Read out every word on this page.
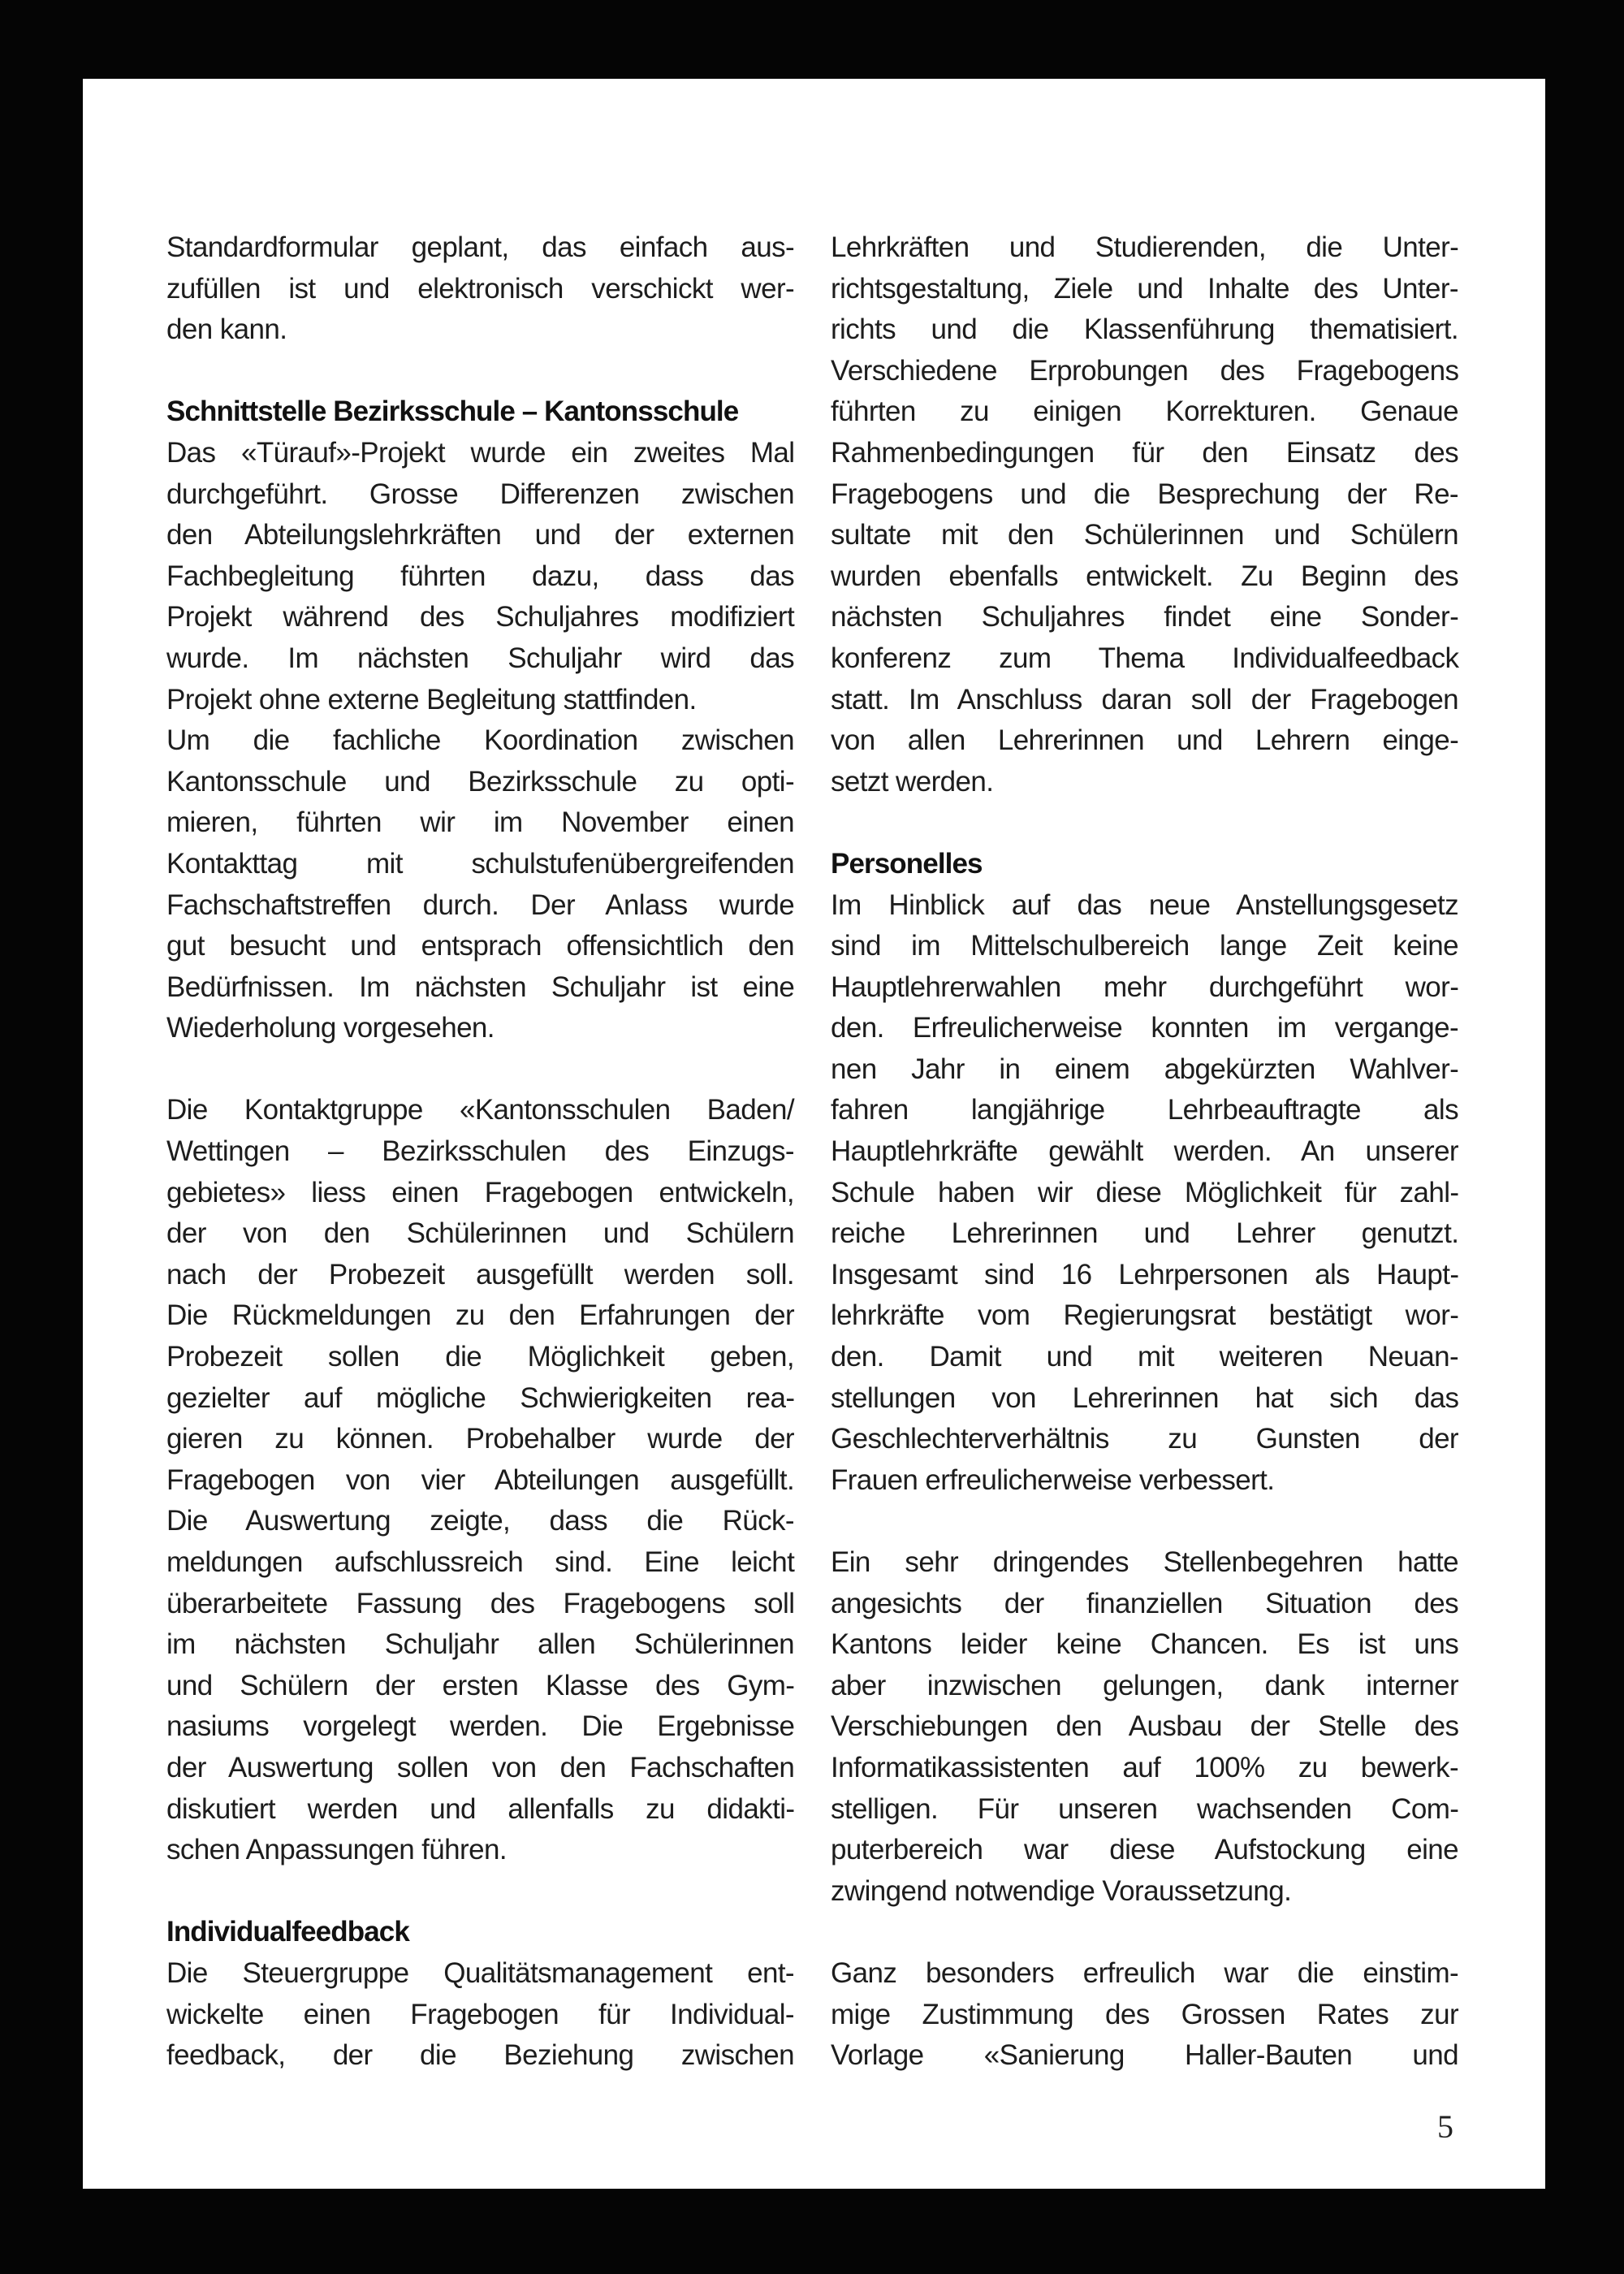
Standardformular geplant, das einfach aus-
zufüllen ist und elektronisch verschickt wer-
den kann.
Schnittstelle Bezirksschule – Kantonsschule
Das «Türauf»-Projekt wurde ein zweites Mal
durchgeführt. Grosse Differenzen zwischen
den Abteilungslehrkräften und der externen
Fachbegleitung führten dazu, dass das
Projekt während des Schuljahres modifiziert
wurde. Im nächsten Schuljahr wird das
Projekt ohne externe Begleitung stattfinden.
Um die fachliche Koordination zwischen
Kantonsschule und Bezirksschule zu opti-
mieren, führten wir im November einen
Kontakttag mit schulstufenübergreifenden
Fachschaftstreffen durch. Der Anlass wurde
gut besucht und entsprach offensichtlich den
Bedürfnissen. Im nächsten Schuljahr ist eine
Wiederholung vorgesehen.
Die Kontaktgruppe «Kantonsschulen Baden/
Wettingen – Bezirksschulen des Einzugs-
gebietes» liess einen Fragebogen entwickeln,
der von den Schülerinnen und Schülern
nach der Probezeit ausgefüllt werden soll.
Die Rückmeldungen zu den Erfahrungen der
Probezeit sollen die Möglichkeit geben,
gezielter auf mögliche Schwierigkeiten rea-
gieren zu können. Probehalber wurde der
Fragebogen von vier Abteilungen ausgefüllt.
Die Auswertung zeigte, dass die Rück-
meldungen aufschlussreich sind. Eine leicht
überarbeitete Fassung des Fragebogens soll
im nächsten Schuljahr allen Schülerinnen
und Schülern der ersten Klasse des Gym-
nasiums vorgelegt werden. Die Ergebnisse
der Auswertung sollen von den Fachschaften
diskutiert werden und allenfalls zu didakti-
schen Anpassungen führen.
Individualfeedback
Die Steuergruppe Qualitätsmanagement ent-
wickelte einen Fragebogen für Individual-
feedback, der die Beziehung zwischen
Lehrkräften und Studierenden, die Unter-
richtsgestaltung, Ziele und Inhalte des Unter-
richts und die Klassenführung thematisiert.
Verschiedene Erprobungen des Fragebogens
führten zu einigen Korrekturen. Genaue
Rahmenbedingungen für den Einsatz des
Fragebogens und die Besprechung der Re-
sultate mit den Schülerinnen und Schülern
wurden ebenfalls entwickelt. Zu Beginn des
nächsten Schuljahres findet eine Sonder-
konferenz zum Thema Individualfeedback
statt. Im Anschluss daran soll der Fragebogen
von allen Lehrerinnen und Lehrern einge-
setzt werden.
Personelles
Im Hinblick auf das neue Anstellungsgesetz
sind im Mittelschulbereich lange Zeit keine
Hauptlehrerwahlen mehr durchgeführt wor-
den. Erfreulicherweise konnten im vergange-
nen Jahr in einem abgekürzten Wahlver-
fahren langjährige Lehrbeauftragte als
Hauptlehrkräfte gewählt werden. An unserer
Schule haben wir diese Möglichkeit für zahl-
reiche Lehrerinnen und Lehrer genutzt.
Insgesamt sind 16 Lehrpersonen als Haupt-
lehrkräfte vom Regierungsrat bestätigt wor-
den. Damit und mit weiteren Neuan-
stellungen von Lehrerinnen hat sich das
Geschlechterverhältnis zu Gunsten der
Frauen erfreulicherweise verbessert.
Ein sehr dringendes Stellenbegehren hatte
angesichts der finanziellen Situation des
Kantons leider keine Chancen. Es ist uns
aber inzwischen gelungen, dank interner
Verschiebungen den Ausbau der Stelle des
Informatikassistenten auf 100% zu bewerk-
stelligen. Für unseren wachsenden Com-
puterbereich war diese Aufstockung eine
zwingend notwendige Voraussetzung.
Ganz besonders erfreulich war die einstim-
mige Zustimmung des Grossen Rates zur
Vorlage «Sanierung Haller-Bauten und
5
